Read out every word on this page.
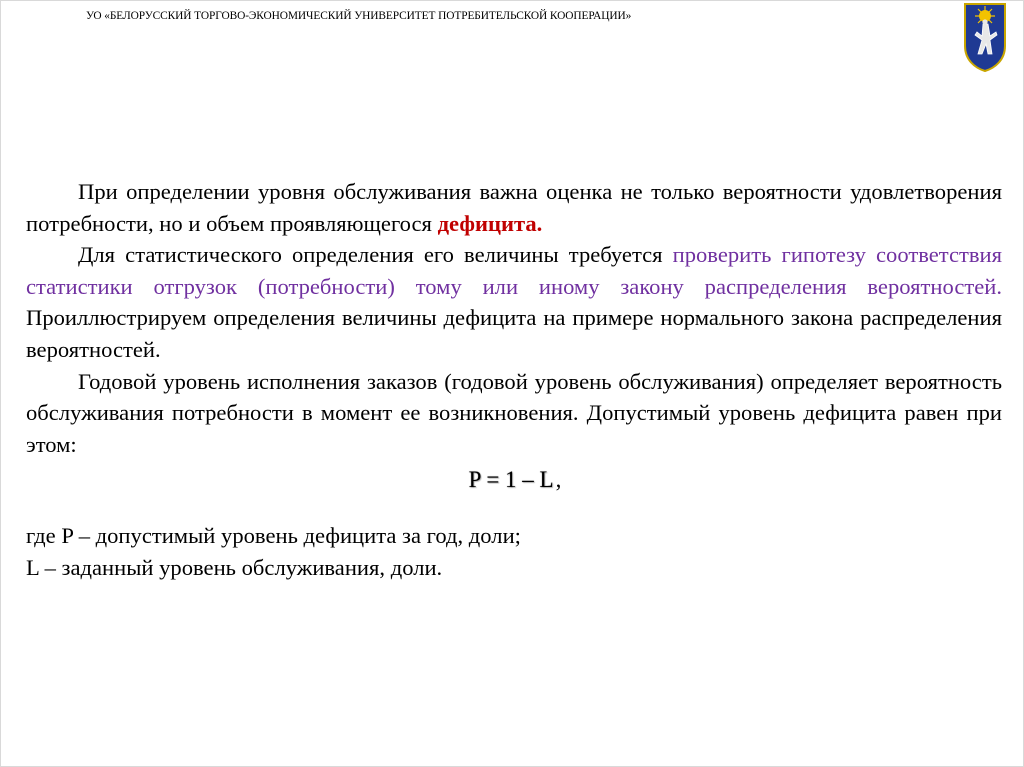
УО «БЕЛОРУССКИЙ ТОРГОВО-ЭКОНОМИЧЕСКИЙ УНИВЕРСИТЕТ ПОТРЕБИТЕЛЬСКОЙ КООПЕРАЦИИ»

При определении уровня обслуживания важна оценка не только вероятности удовлетворения потребности, но и объем проявляющегося дефицита.

Для статистического определения его величины требуется проверить гипотезу соответствия статистики отгрузок (потребности) тому или иному закону распределения вероятностей. Проиллюстрируем определения величины дефицита на примере нормального закона распределения вероятностей.

Годовой уровень исполнения заказов (годовой уровень обслуживания) определяет вероятность обслуживания потребности в момент ее возникновения. Допустимый уровень дефицита равен при этом:

P = 1 – L,

где P – допустимый уровень дефицита за год, доли;

L – заданный уровень обслуживания, доли.
